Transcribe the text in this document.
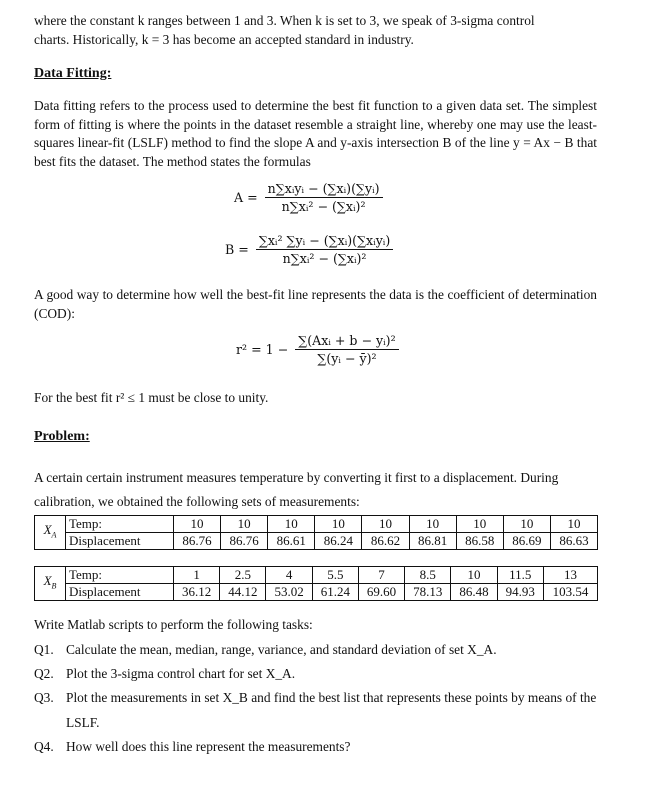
where the constant k ranges between 1 and 3. When k is set to 3, we speak of 3-sigma control

charts. Historically, k = 3 has become an accepted standard in industry.

Data Fitting:

Data fitting refers to the process used to determine the best fit function to a given data set. The simplest form of fitting is where the points in the dataset resemble a straight line, whereby one may use the least-squares linear-fit (LSLF) method to find the slope A and y-axis intersection B of the line y = Ax − B that best fits the dataset. The method states the formulas

$A = \frac{\text{n∑xᵢyᵢ − (∑xᵢ)(∑yᵢ)}}{\text{n∑xᵢ² − (∑xᵢ)²}}$
$B = \frac{\text{∑xᵢ² ∑yᵢ − (∑xᵢ)(∑xᵢyᵢ)}}{\text{n∑xᵢ² − (∑xᵢ)²}}$

A good way to determine how well the best-fit line represents the data is the coefficient of determination (COD):

$r^2 = 1 - \frac{\text{∑(Axᵢ + b − yᵢ)²}}{\text{∑(yᵢ − ȳ)²}}$

For the best fit r² ≤ 1 must be close to unity.

Problem:

A certain certain instrument measures temperature by converting it first to a displacement. During

calibration, we obtained the following sets of measurements:

$X_A$	Temp:	10	10	10	10	10	10	10	10	10
	Displacement	86.76	86.76	86.61	86.24	86.62	86.81	86.58	86.69	86.63
$X_B$	Temp:	1	2.5	4	5.5	7	8.5	10	11.5	13
	Displacement	36.12	44.12	53.02	61.24	69.60	78.13	86.48	94.93	103.54
Write Matlab scripts to perform the following tasks:
Q1. Calculate the mean, median, range, variance, and standard deviation of set X_A.
Q2. Plot the 3-sigma control chart for set X_A.
Q3. Plot the measurements in set X_B and find the best list that represents these points by means of the LSLF.
Q4. How well does this line represent the measurements?
